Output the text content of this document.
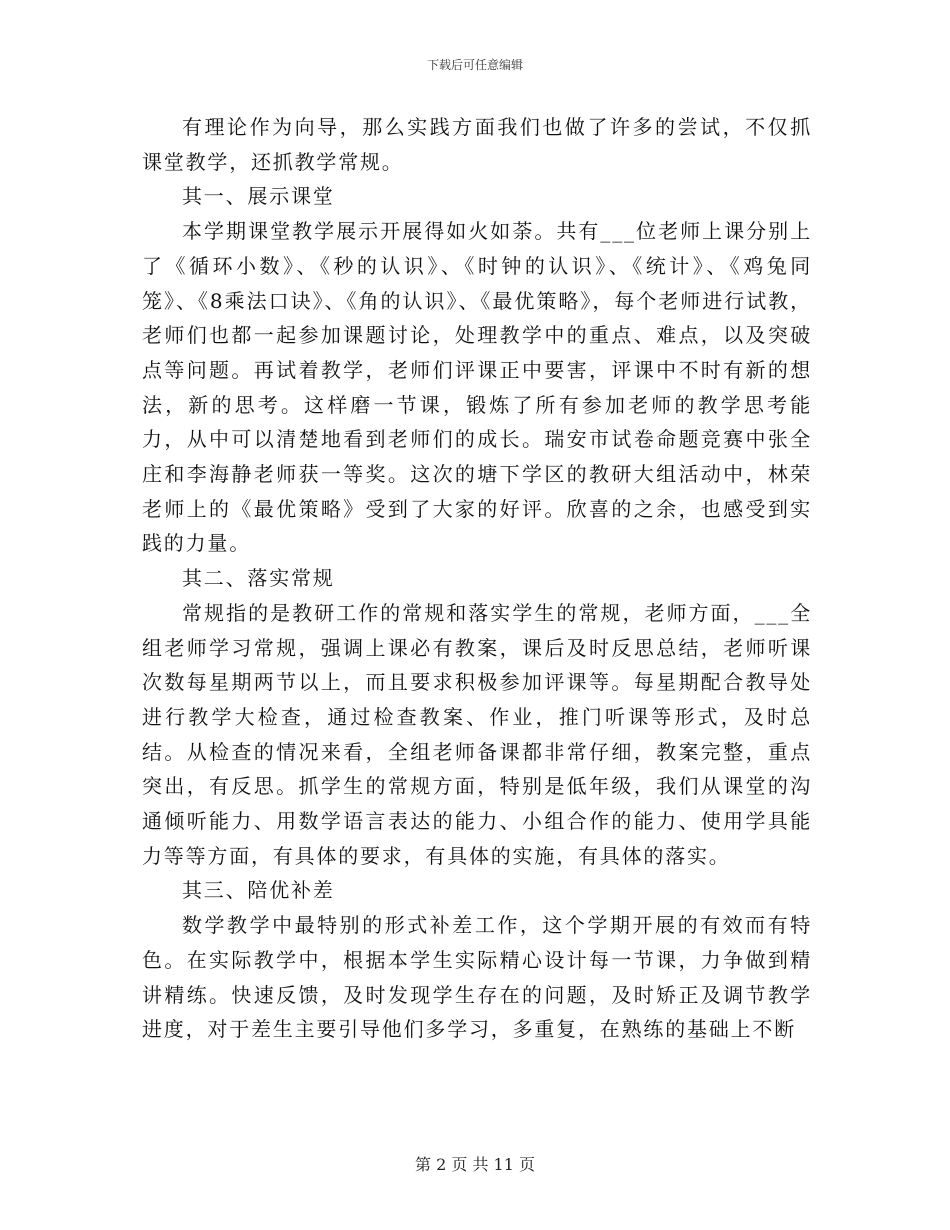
下载后可任意编辑

有理论作为向导，那么实践方面我们也做了许多的尝试，不仅抓课堂教学，还抓教学常规。

其一、展示课堂

本学期课堂教学展示开展得如火如荼。共有___位老师上课分别上了《循环小数》、《秒的认识》、《时钟的认识》、《统计》、《鸡兔同笼》、《8乘法口诀》、《角的认识》、《最优策略》，每个老师进行试教，老师们也都一起参加课题讨论，处理教学中的重点、难点，以及突破点等问题。再试着教学，老师们评课正中要害，评课中不时有新的想法，新的思考。这样磨一节课，锻炼了所有参加老师的教学思考能力，从中可以清楚地看到老师们的成长。瑞安市试卷命题竞赛中张全庄和李海静老师获一等奖。这次的塘下学区的教研大组活动中，林荣老师上的《最优策略》受到了大家的好评。欣喜的之余，也感受到实践的力量。

其二、落实常规

常规指的是教研工作的常规和落实学生的常规，老师方面，___全组老师学习常规，强调上课必有教案，课后及时反思总结，老师听课次数每星期两节以上，而且要求积极参加评课等。每星期配合教导处进行教学大检查，通过检查教案、作业，推门听课等形式，及时总结。从检查的情况来看，全组老师备课都非常仔细，教案完整，重点突出，有反思。抓学生的常规方面，特别是低年级，我们从课堂的沟通倾听能力、用数学语言表达的能力、小组合作的能力、使用学具能力等等方面，有具体的要求，有具体的实施，有具体的落实。

其三、陪优补差

数学教学中最特别的形式补差工作，这个学期开展的有效而有特色。在实际教学中，根据本学生实际精心设计每一节课，力争做到精讲精练。快速反馈，及时发现学生存在的问题，及时矫正及调节教学进度，对于差生主要引导他们多学习，多重复，在熟练的基础上不断

第 2 页 共 11 页
